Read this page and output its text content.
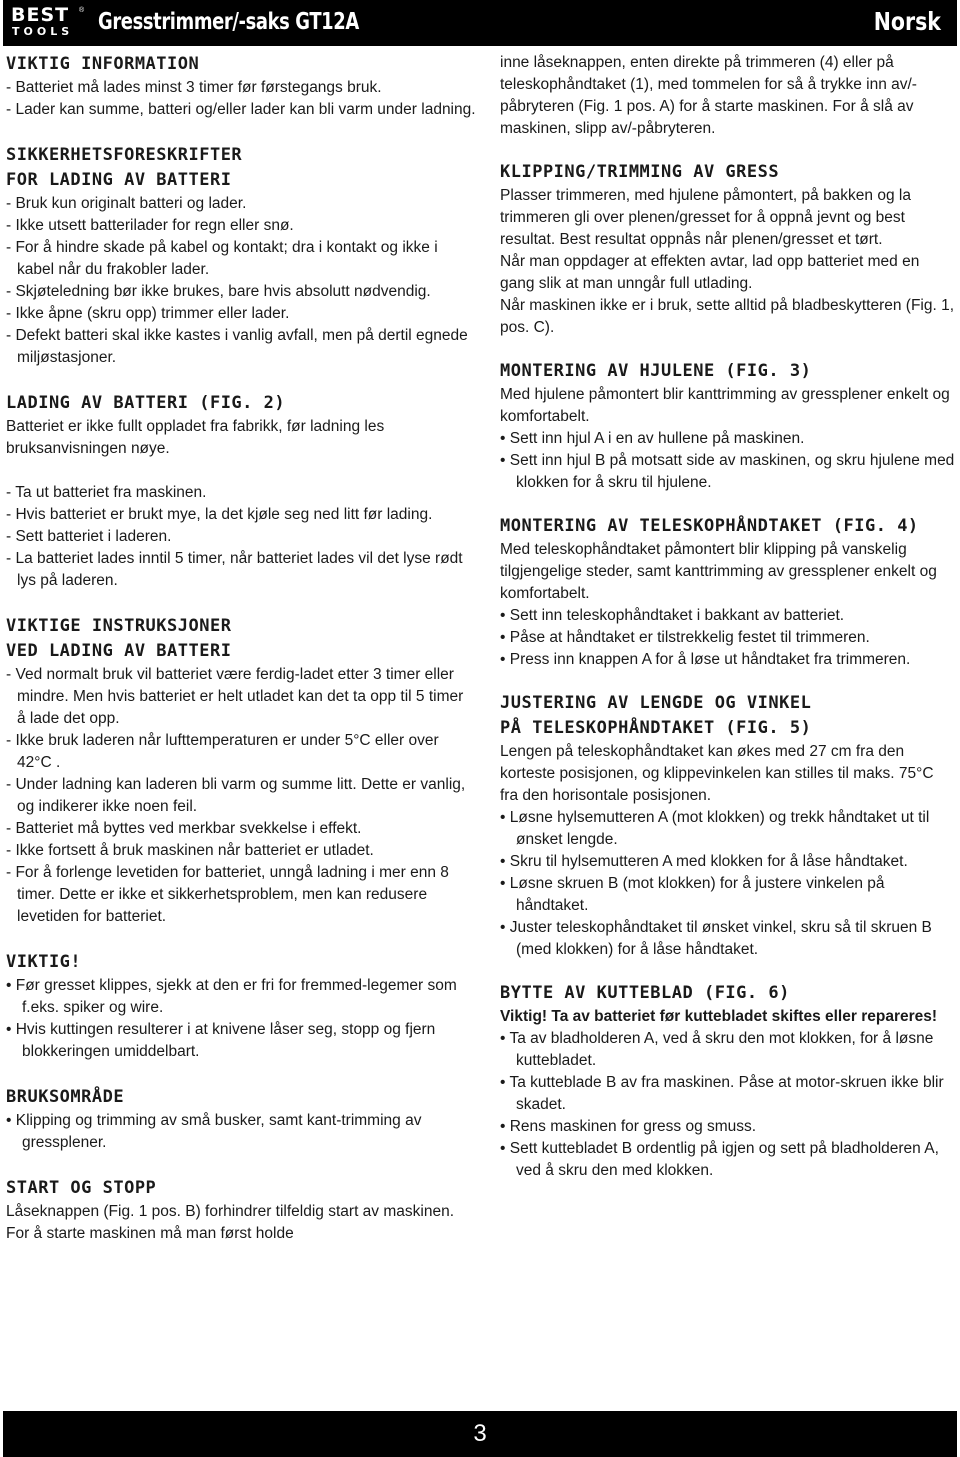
BEST ®
TOOLS Gresstrimmer/-saks GT12A	Norsk
VIKTIG INFORMATION

- Batteriet må lades minst 3 timer før førstegangs bruk.

- Lader kan summe, batteri og/eller lader kan bli varm under ladning.

SIKKERHETSFORESKRIFTER
FOR LADING AV BATTERI

- Bruk kun originalt batteri og lader.

- Ikke utsett batterilader for regn eller snø.

- For å hindre skade på kabel og kontakt; dra i kontakt og ikke i kabel når du frakobler lader.

- Skjøteledning bør ikke brukes, bare hvis absolutt nødvendig.

- Ikke åpne (skru opp) trimmer eller lader.

- Defekt batteri skal ikke kastes i vanlig avfall, men på dertil egnede miljøstasjoner.

LADING AV BATTERI (FIG. 2)

Batteriet er ikke fullt oppladet fra fabrikk, før ladning les bruksanvisningen nøye.

- Ta ut batteriet fra maskinen.

- Hvis batteriet er brukt mye, la det kjøle seg ned litt før lading.

- Sett batteriet i laderen.

- La batteriet lades inntil 5 timer, når batteriet lades vil det lyse rødt lys på laderen.

VIKTIGE INSTRUKSJONER
VED LADING AV BATTERI

- Ved normalt bruk vil batteriet være ferdig-ladet etter 3 timer eller mindre. Men hvis batteriet er helt utladet kan det ta opp til 5 timer å lade det opp.

- Ikke bruk laderen når lufttemperaturen er under 5°C eller over 42°C .

- Under ladning kan laderen bli varm og summe litt. Dette er vanlig, og indikerer ikke noen feil.

- Batteriet må byttes ved merkbar svekkelse i effekt.

- Ikke fortsett å bruk maskinen når batteriet er utladet.

- For å forlenge levetiden for batteriet, unngå ladning i mer enn 8 timer. Dette er ikke et sikkerhetsproblem, men kan redusere levetiden for batteriet.

VIKTIG!

• Før gresset klippes, sjekk at den er fri for fremmed-legemer som f.eks. spiker og wire.

• Hvis kuttingen resulterer i at knivene låser seg, stopp og fjern blokkeringen umiddelbart.

BRUKSOMRÅDE

• Klipping og trimming av små busker, samt kant-trimming av gressplener.

START OG STOPP

Låseknappen (Fig. 1 pos. B) forhindrer tilfeldig start av maskinen. For å starte maskinen må man først holde

inne låseknappen, enten direkte på trimmeren (4) eller på teleskophåndtaket (1), med tommelen for så å trykke inn av/-påbryteren (Fig. 1 pos. A) for å starte maskinen. For å slå av maskinen, slipp av/-påbryteren.

KLIPPING/TRIMMING AV GRESS

Plasser trimmeren, med hjulene påmontert, på bakken og la trimmeren gli over plenen/gresset for å oppnå jevnt og best resultat. Best resultat oppnås når plenen/gresset et tørt.

Når man oppdager at effekten avtar, lad opp batteriet med en gang slik at man unngår full utlading.

Når maskinen ikke er i bruk, sette alltid på bladbeskytteren (Fig. 1, pos. C).

MONTERING AV HJULENE (FIG. 3)

Med hjulene påmontert blir kanttrimming av gressplener enkelt og komfortabelt.

• Sett inn hjul A i en av hullene på maskinen.

• Sett inn hjul B på motsatt side av maskinen, og skru hjulene med klokken for å skru til hjulene.

MONTERING AV TELESKOPHÅNDTAKET (FIG. 4)

Med teleskophåndtaket påmontert blir klipping på vanskelig tilgjengelige steder, samt kanttrimming av gressplener enkelt og komfortabelt.

• Sett inn teleskophåndtaket i bakkant av batteriet.

• Påse at håndtaket er tilstrekkelig festet til trimmeren.

• Press inn knappen A for å løse ut håndtaket fra trimmeren.

JUSTERING AV LENGDE OG VINKEL
PÅ TELESKOPHÅNDTAKET (FIG. 5)

Lengen på teleskophåndtaket kan økes med 27 cm fra den korteste posisjonen, og klippevinkelen kan stilles til maks. 75°C fra den horisontale posisjonen.

• Løsne hylsemutteren A (mot klokken) og trekk håndtaket ut til ønsket lengde.

• Skru til hylsemutteren A med klokken for å låse håndtaket.

• Løsne skruen B (mot klokken) for å justere vinkelen på håndtaket.

• Juster teleskophåndtaket til ønsket vinkel, skru så til skruen B (med klokken) for å låse håndtaket.

BYTTE AV KUTTEBLAD (FIG. 6)

Viktig! Ta av batteriet før kuttebladet skiftes eller repareres!

• Ta av bladholderen A, ved å skru den mot klokken, for å løsne kuttebladet.

• Ta kutteblade B av fra maskinen. Påse at motor-skruen ikke blir skadet.

• Rens maskinen for gress og smuss.

• Sett kuttebladet B ordentlig på igjen og sett på bladholderen A, ved å skru den med klokken.

3
